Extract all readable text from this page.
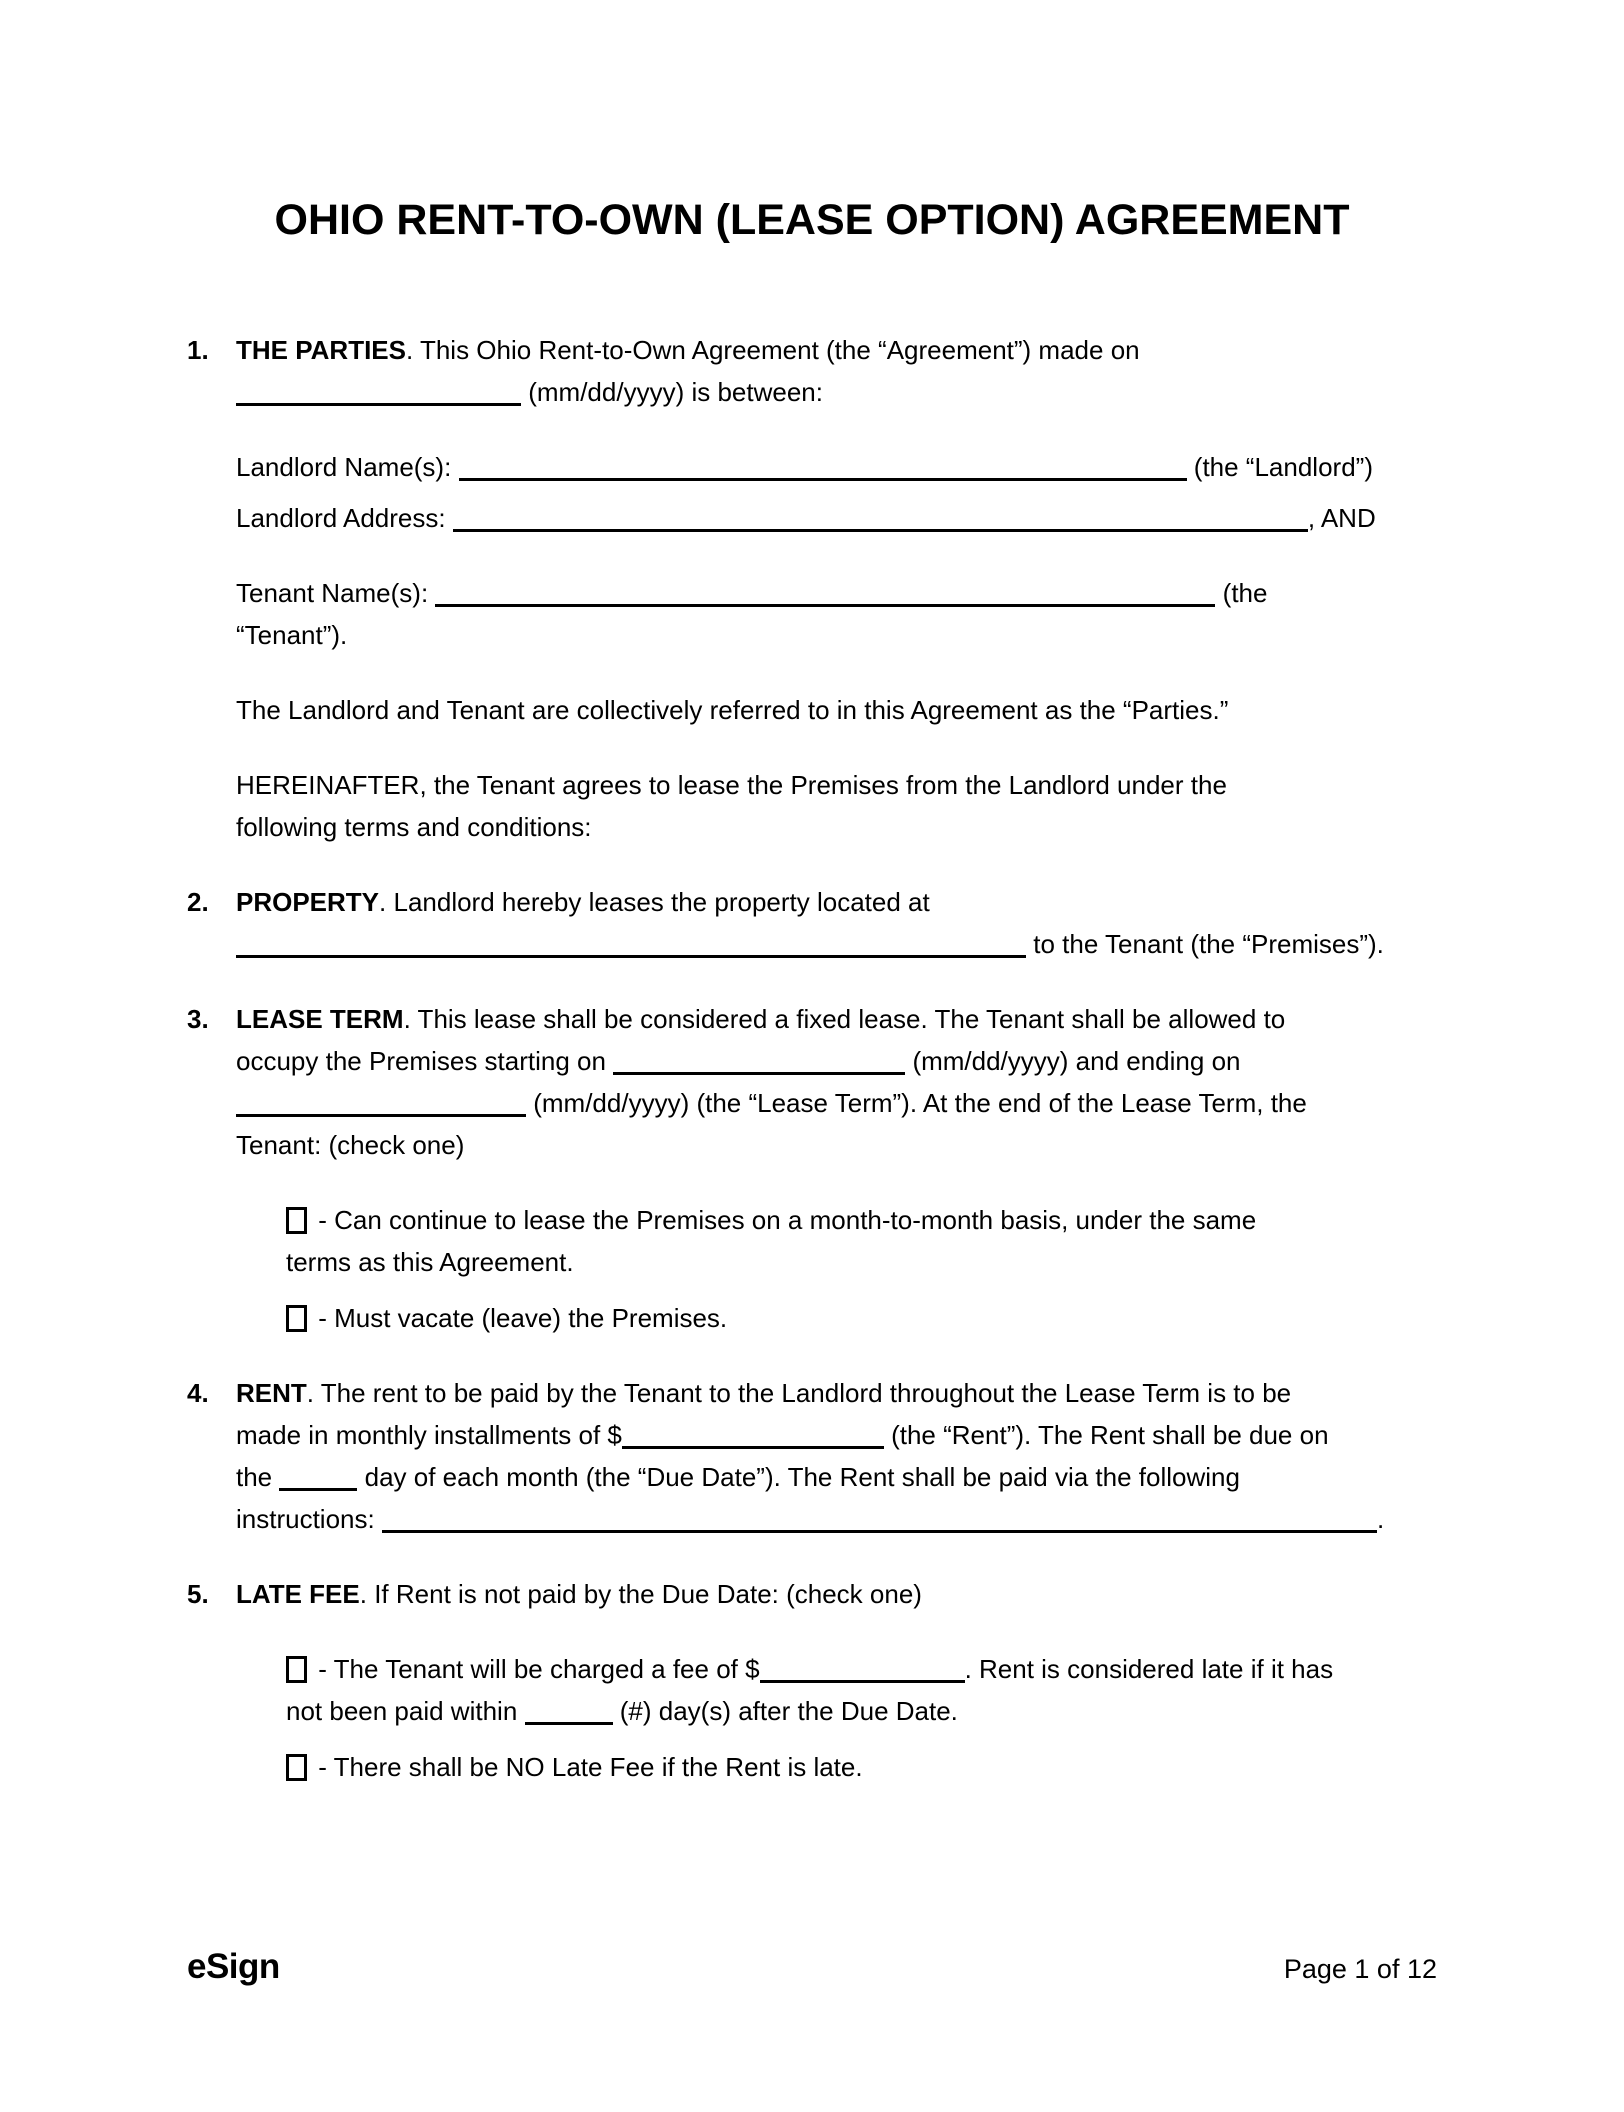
OHIO RENT-TO-OWN (LEASE OPTION) AGREEMENT
1.	THE PARTIES. This Ohio Rent-to-Own Agreement (the “Agreement”) made on
(mm/dd/yyyy) is between:
Landlord Name(s):	(the “Landlord”)
Landlord Address:	, AND
Tenant Name(s):	(the
“Tenant”).
The Landlord and Tenant are collectively referred to in this Agreement as the “Parties.”
HEREINAFTER, the Tenant agrees to lease the Premises from the Landlord under the
following terms and conditions:
2.	PROPERTY. Landlord hereby leases the property located at
to the Tenant (the “Premises”).
3.	LEASE TERM. This lease shall be considered a fixed lease. The Tenant shall be allowed to
occupy the Premises starting on	(mm/dd/yyyy) and ending on
(mm/dd/yyyy) (the “Lease Term”). At the end of the Lease Term, the
Tenant: (check one)
- Can continue to lease the Premises on a month-to-month basis, under the same
terms as this Agreement.
- Must vacate (leave) the Premises.
4.	RENT. The rent to be paid by the Tenant to the Landlord throughout the Lease Term is to be
made in monthly installments of $	(the “Rent”). The Rent shall be due on
the	day of each month (the “Due Date”). The Rent shall be paid via the following
instructions:	.
5.	LATE FEE. If Rent is not paid by the Due Date: (check one)
- The Tenant will be charged a fee of $	. Rent is considered late if it has
not been paid within	(#) day(s) after the Due Date.
- There shall be NO Late Fee if the Rent is late.
eSign	Page 1 of 12
